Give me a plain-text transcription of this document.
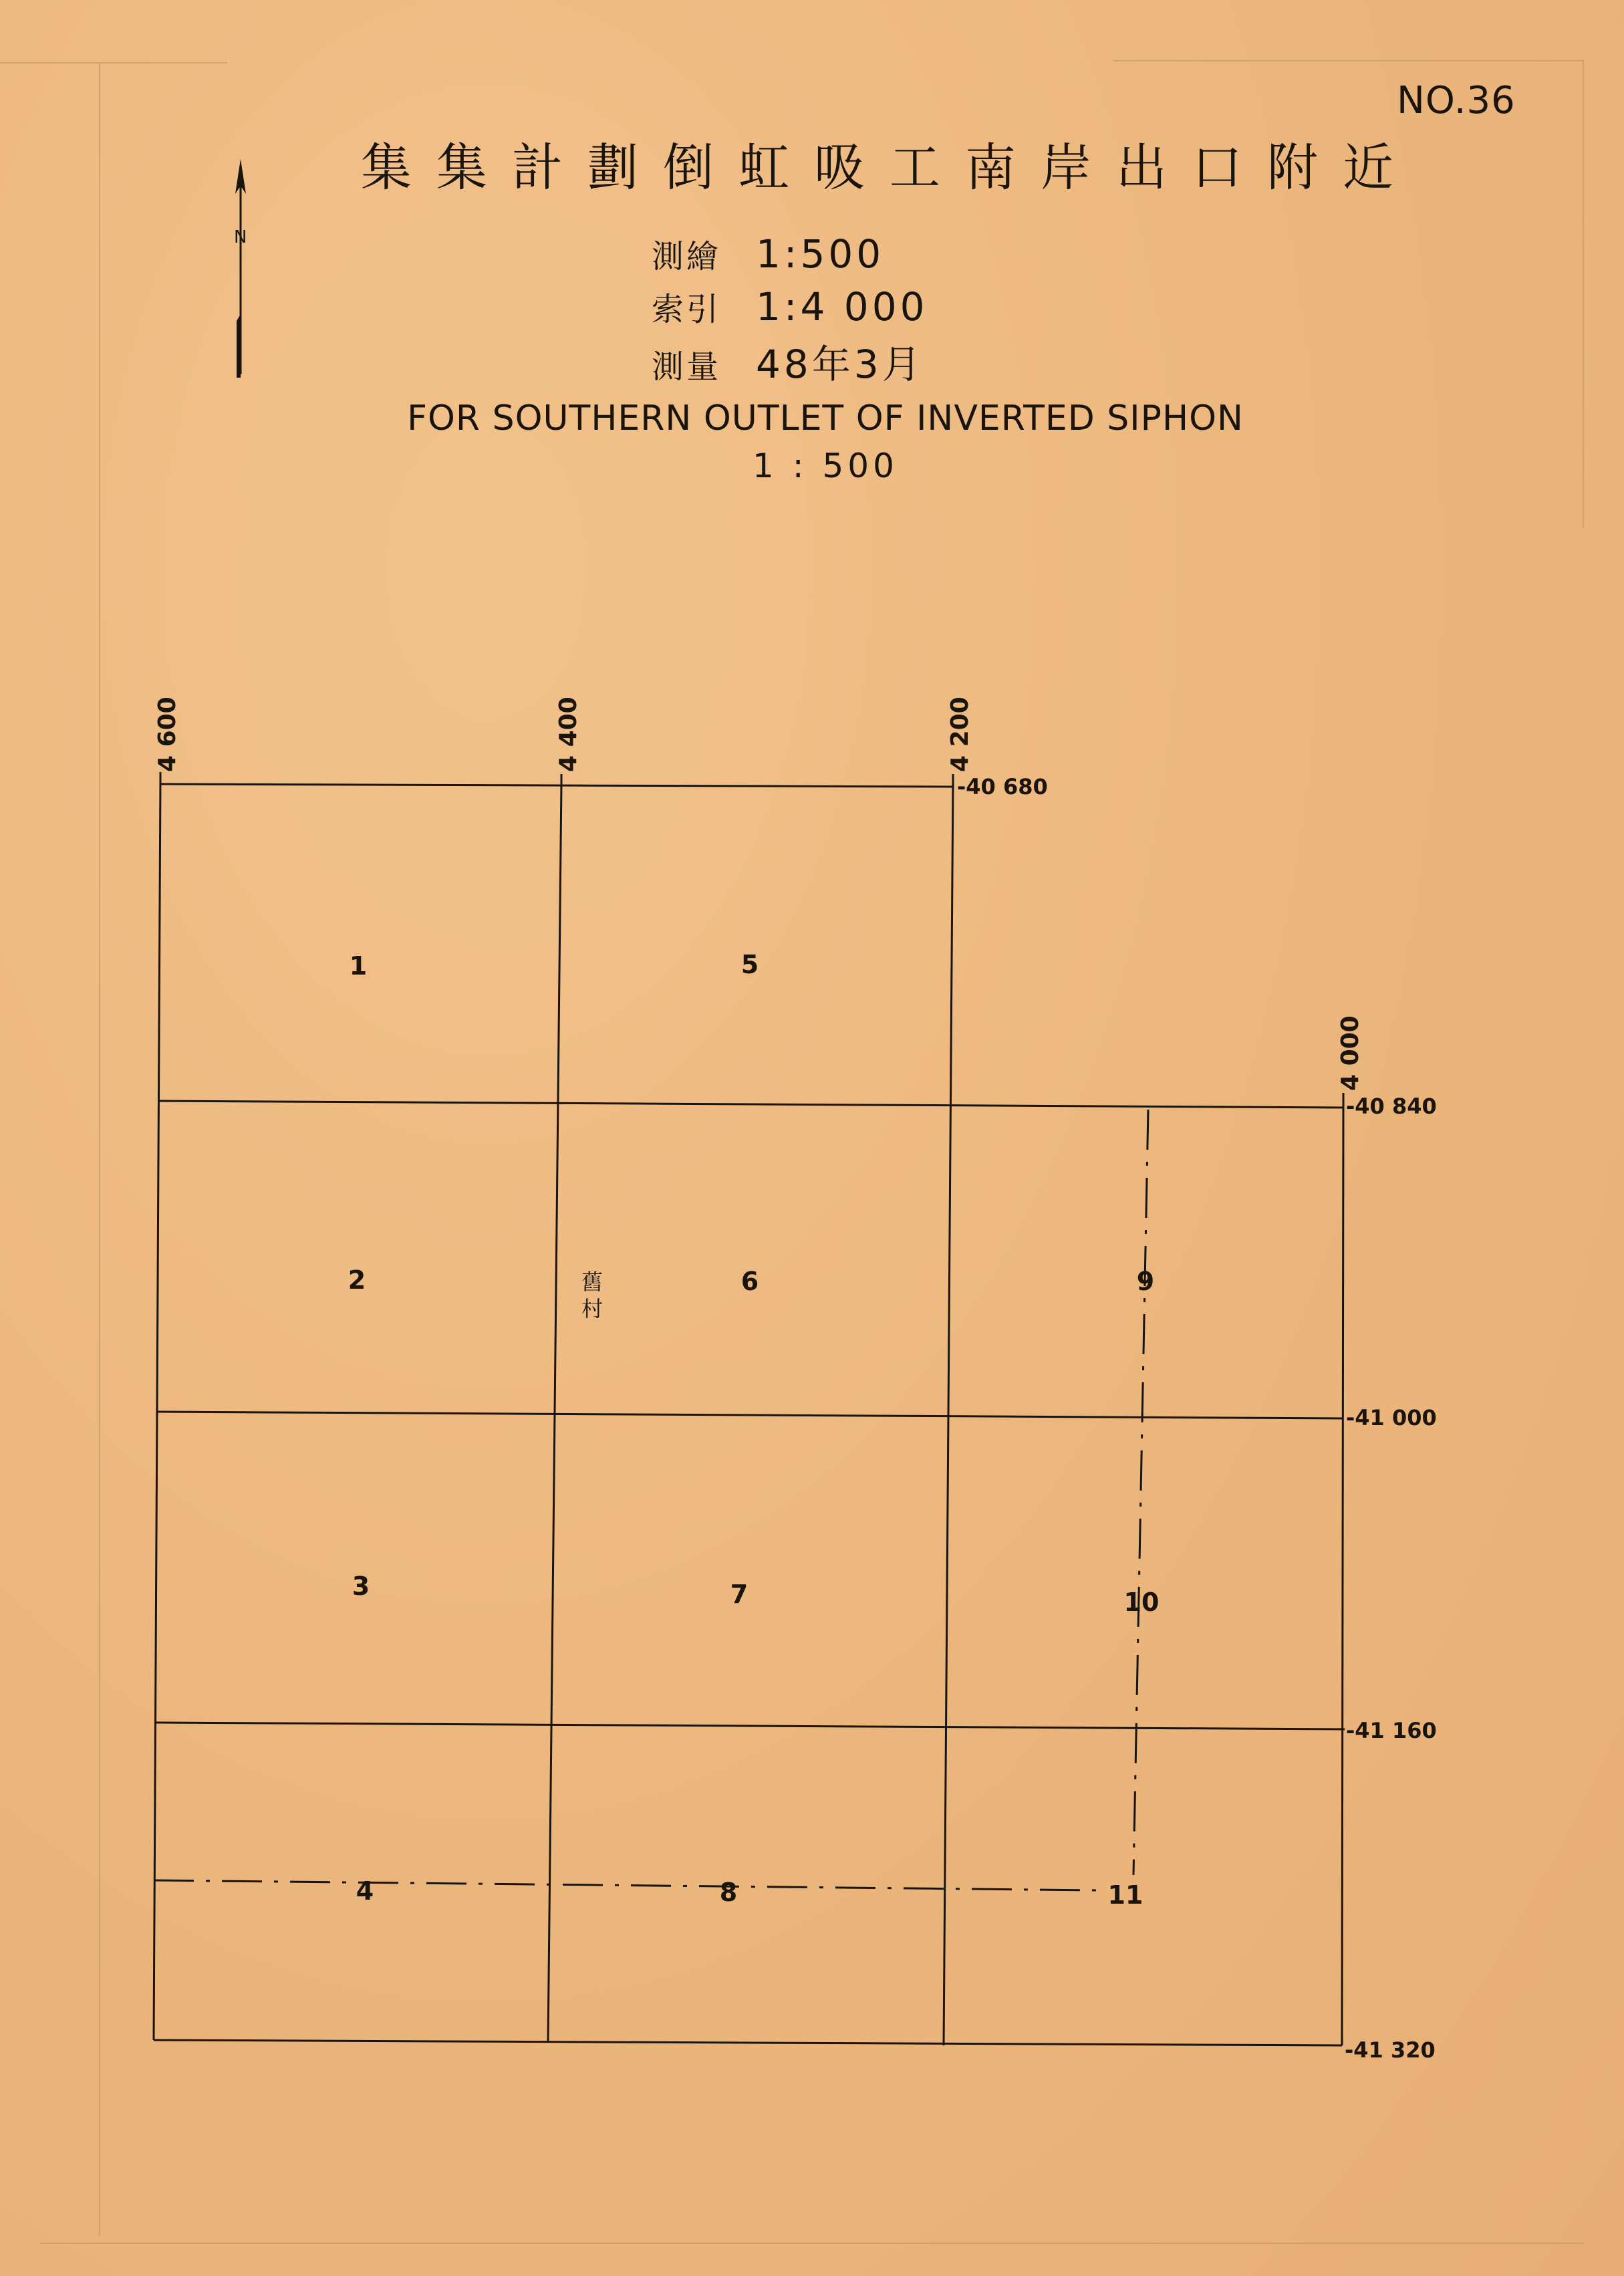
NO.36
集集計劃倒虹吸工南岸出口附近
測繪 1:500
索引 1:4 000
測量 48年3月
FOR SOUTHERN OUTLET OF INVERTED SIPHON
1 : 500
N
4 600	4 400	4 200
4 000
-40 680
-40 840
-41 000
-41 160
-41 320
1
2
3
4
5
6
7
8
9
10
11
舊村
